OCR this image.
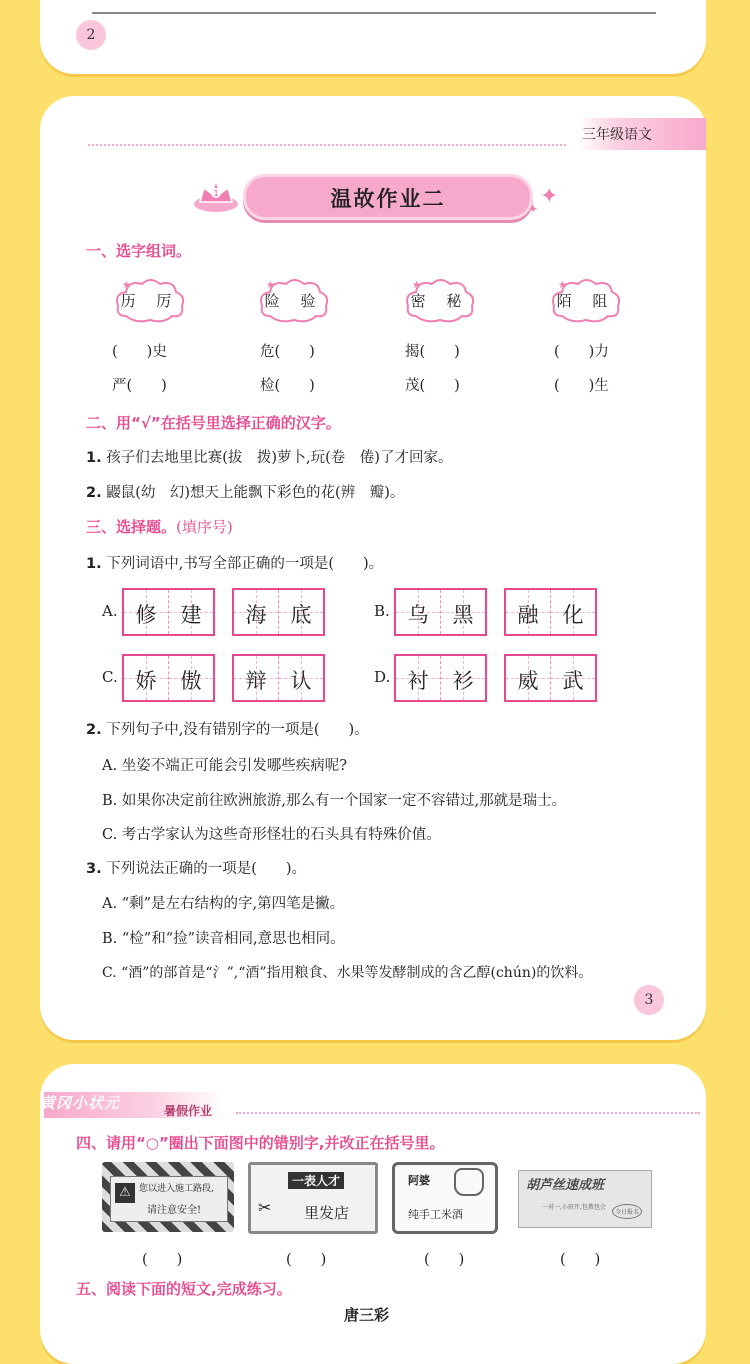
2
三年级语文
1	温故作业二	✦
✦
一、选字组词。
★
历 厉
★
险 验
★
密 秘
★
陌 阻
(　　)史	危(　　)	揭(　　)	(　　)力
严(　　)	检(　　)	茂(　　)	(　　)生
二、用“√”在括号里选择正确的汉字。
1. 孩子们去地里比赛(拔　拨)萝卜,玩(卷　倦)了才回家。
2. 鼹鼠(幼　幻)想天上能飘下彩色的花(辨　瓣)。
三、选择题。(填序号)
1. 下列词语中,书写全部正确的一项是(　　)。
A. 修	建	海	底	B. 乌	黑	融	化
C. 娇	傲	辩	认	D. 衬	衫	威	武
2. 下列句子中,没有错别字的一项是(　　)。
A. 坐姿不端正可能会引发哪些疾病呢?
B. 如果你决定前往欧洲旅游,那么有一个国家一定不容错过,那就是瑞士。
C. 考古学家认为这些奇形怪壮的石头具有特殊价值。
3. 下列说法正确的一项是(　　)。
A. “剩”是左右结构的字,第四笔是撇。
B. “检”和“捡”读音相同,意思也相同。
C. “酒”的部首是“氵”,“酒”指用粮食、水果等发酵制成的含乙醇(chún)的饮料。
3
黄冈小状元	暑假作业
四、请用“○”圈出下面图中的错别字,并改正在括号里。
⚠ 您以进入施工路段,
请注意安全!
一表人才
✂ 里发店
阿婆
纯手工米酒
胡芦丝速成班
一对一,小班开,包教包会
今日报名
(　　)	(　　)	(　　)	(　　)
五、阅读下面的短文,完成练习。
唐三彩
